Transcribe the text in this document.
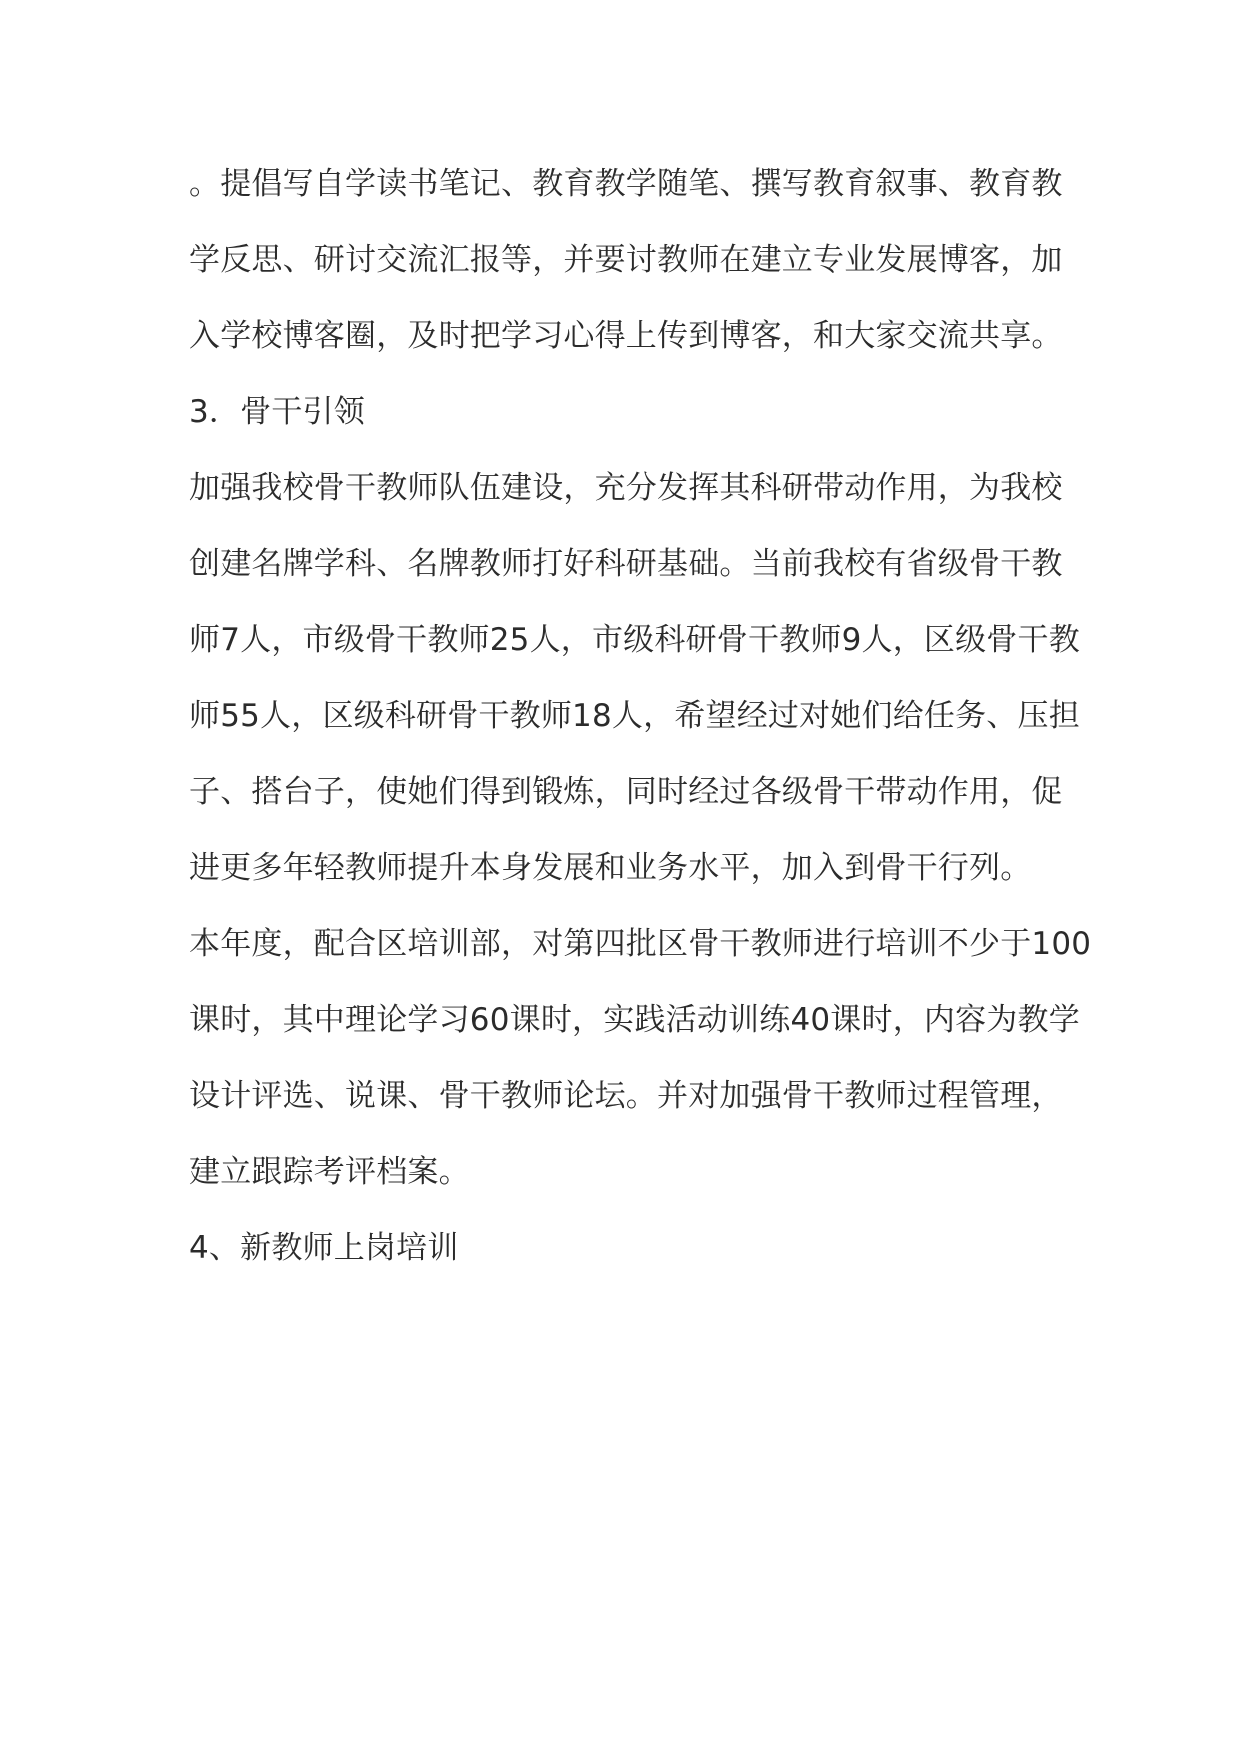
。提倡写自学读书笔记、教育教学随笔、撰写教育叙事、教育教
学反思、研讨交流汇报等，并要讨教师在建立专业发展博客，加
入学校博客圈，及时把学习心得上传到博客，和大家交流共享。
3．骨干引领
加强我校骨干教师队伍建设，充分发挥其科研带动作用，为我校
创建名牌学科、名牌教师打好科研基础。当前我校有省级骨干教
师7人，市级骨干教师25人，市级科研骨干教师9人，区级骨干教
师55人，区级科研骨干教师18人，希望经过对她们给任务、压担
子、搭台子，使她们得到锻炼，同时经过各级骨干带动作用，促
进更多年轻教师提升本身发展和业务水平，加入到骨干行列。
本年度，配合区培训部，对第四批区骨干教师进行培训不少于100
课时，其中理论学习60课时，实践活动训练40课时，内容为教学
设计评选、说课、骨干教师论坛。并对加强骨干教师过程管理，
建立跟踪考评档案。
4、新教师上岗培训
